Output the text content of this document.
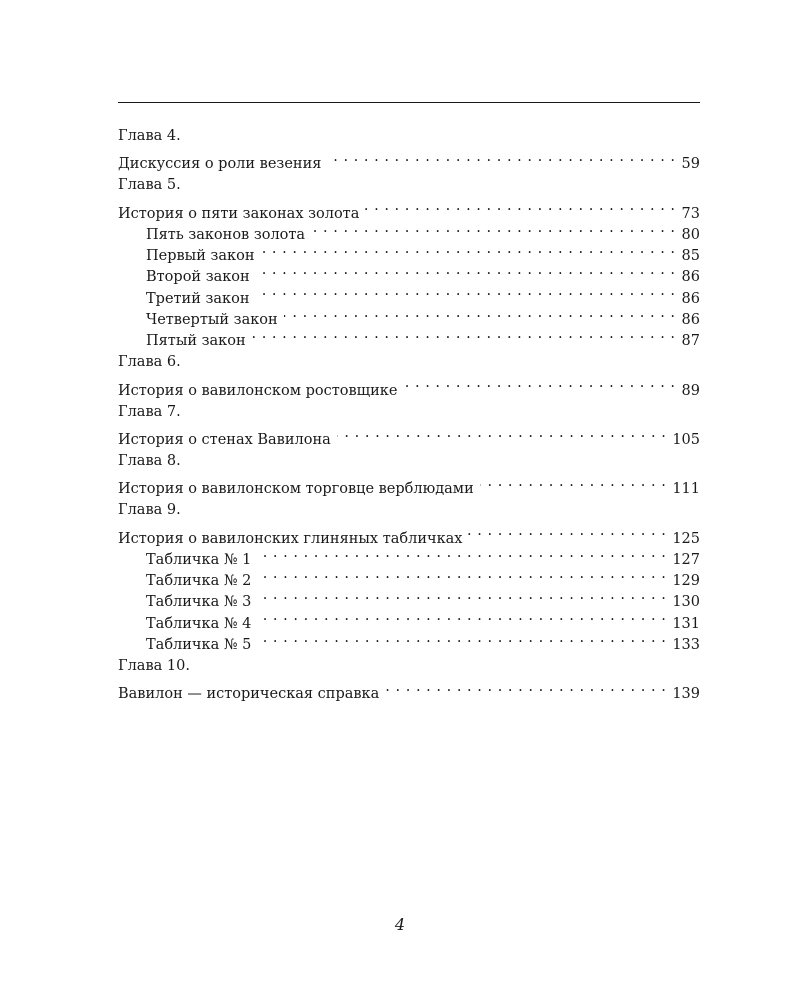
Глава 4.
Дискуссия о роли везения . . .	59
Глава 5.
История о пяти законах золота . . .	73
Пять законов золота . . .	80
Первый закон . . .	85
Второй закон . . .	86
Третий закон . . .	86
Четвертый закон . . .	86
Пятый закон . . .	87
Глава 6.
История о вавилонском ростовщике . . .	89
Глава 7.
История о стенах Вавилона . . .	105
Глава 8.
История о вавилонском торговце верблюдами . . .	111
Глава 9.
История о вавилонских глиняных табличках . . .	125
Табличка № 1 . . .	127
Табличка № 2 . . .	129
Табличка № 3 . . .	130
Табличка № 4 . . .	131
Табличка № 5 . . .	133
Глава 10.
Вавилон — историческая справка . . .	139
4
